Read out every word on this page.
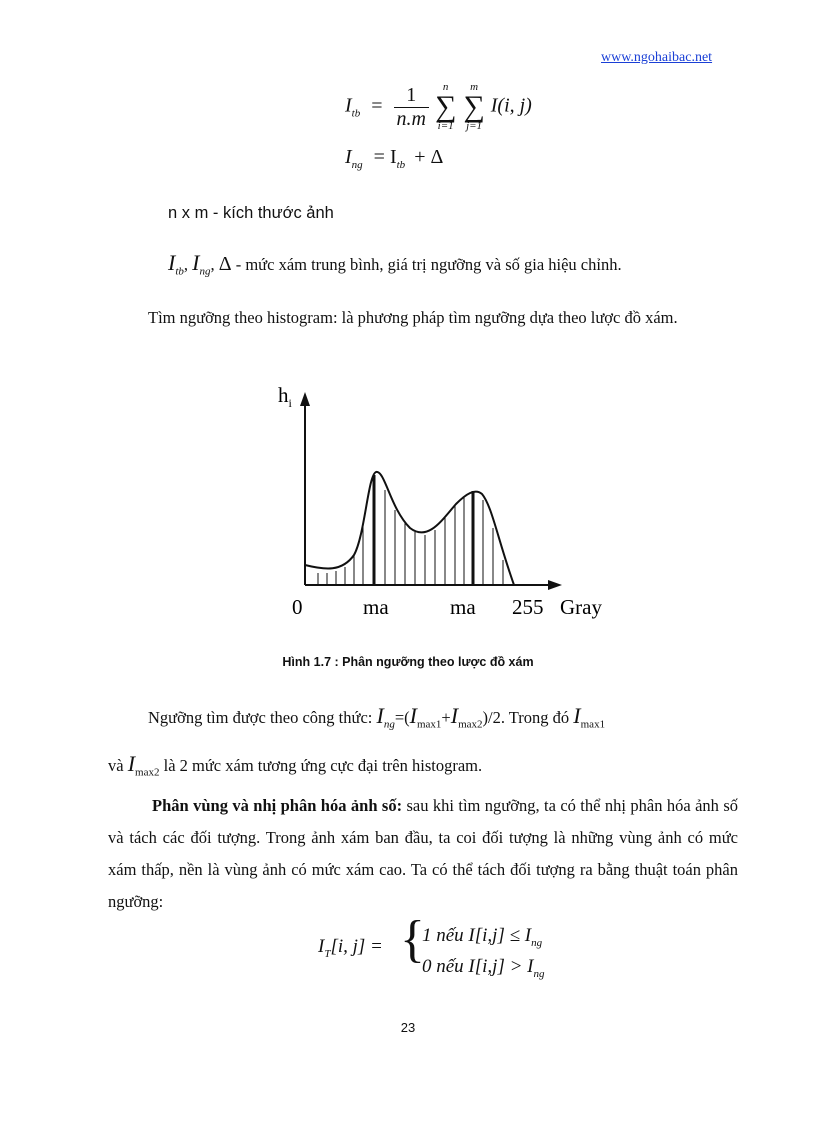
www.ngohaibac.net
$I_{tb} = \frac{1}{n.m}$ n
∑
i=1 m
∑
j=1 I(i, j)
$I_{ng} = I_{tb} + \Delta$
n x m - kích thước ảnh
$I_{tb}$, $I_{ng}$, Δ - mức xám trung bình, giá trị ngưỡng và số gia hiệu chỉnh.
Tìm ngưỡng theo histogram: là phương pháp tìm ngưỡng dựa theo lược đồ xám.
$h_i$
0	ma	ma 255 Gray
Hình 1.7 : Phân ngưỡng theo lược đồ xám
Ngưỡng tìm được theo công thức: $I_{ng}=(I_{max1}+I_{max2})/2$. Trong đó $I_{max1}$
và $I_{max2}$ là 2 mức xám tương ứng cực đại trên histogram.
Phân vùng và nhị phân hóa ảnh số: sau khi tìm ngưỡng, ta có thể nhị phân hóa ảnh số và tách các đối tượng. Trong ảnh xám ban đầu, ta coi đối tượng là những vùng ảnh có mức xám thấp, nền là vùng ảnh có mức xám cao. Ta có thể tách đối tượng ra bằng thuật toán phân ngưỡng:
$I_T[i$, j] = {
1 nếu $I[i,j] \le I_{ng}$
0 nếu $I[i,j] > I_{ng}$
23
